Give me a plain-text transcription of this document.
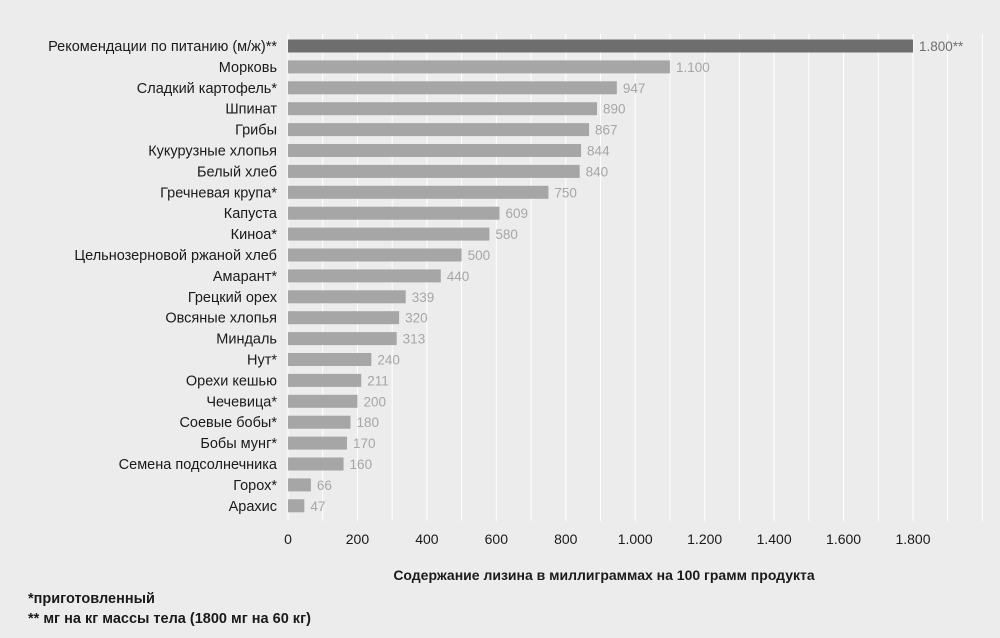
Рекомендации по питанию (м/ж)**	1.800**
Морковь	1.100
Сладкий картофель*	947
Шпинат	890
Грибы	867
Кукурузные хлопья	844
Белый хлеб	840
Гречневая крупа*	750
Капуста	609
Киноа*	580
Цельнозерновой ржаной хлеб	500
Амарант*	440
Грецкий орех	339
Овсяные хлопья	320
Миндаль	313
Нут*	240
Орехи кешью	211
Чечевица*	200
Соевые бобы*	180
Бобы мунг*	170
Семена подсолнечника	160
Горох*	66
Арахис 47
0	200	400	600	800	1.000 1.200 1.400 1.600 1.800
Содержание лизина в миллиграммах на 100 грамм продукта
*приготовленный
** мг на кг массы тела (1800 мг на 60 кг)
